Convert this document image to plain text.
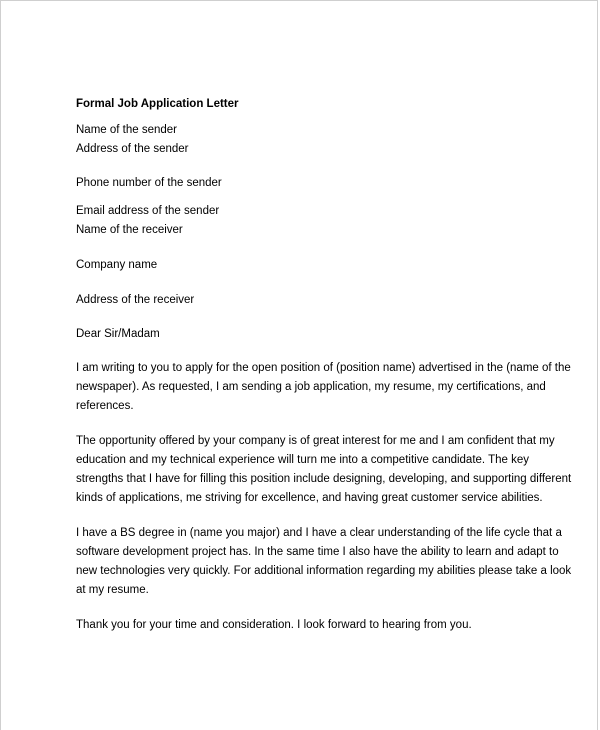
Formal Job Application Letter
Name of the sender
Address of the sender
Phone number of the sender
Email address of the sender
Name of the receiver
Company name
Address of the receiver
Dear Sir/Madam
I am writing to you to apply for the open position of (position name) advertised in the (name of the
newspaper). As requested, I am sending a job application, my resume, my certifications, and
references.
The opportunity offered by your company is of great interest for me and I am confident that my
education and my technical experience will turn me into a competitive candidate. The key
strengths that I have for filling this position include designing, developing, and supporting different
kinds of applications, me striving for excellence, and having great customer service abilities.
I have a BS degree in (name you major) and I have a clear understanding of the life cycle that a
software development project has. In the same time I also have the ability to learn and adapt to
new technologies very quickly. For additional information regarding my abilities please take a look
at my resume.
Thank you for your time and consideration. I look forward to hearing from you.
